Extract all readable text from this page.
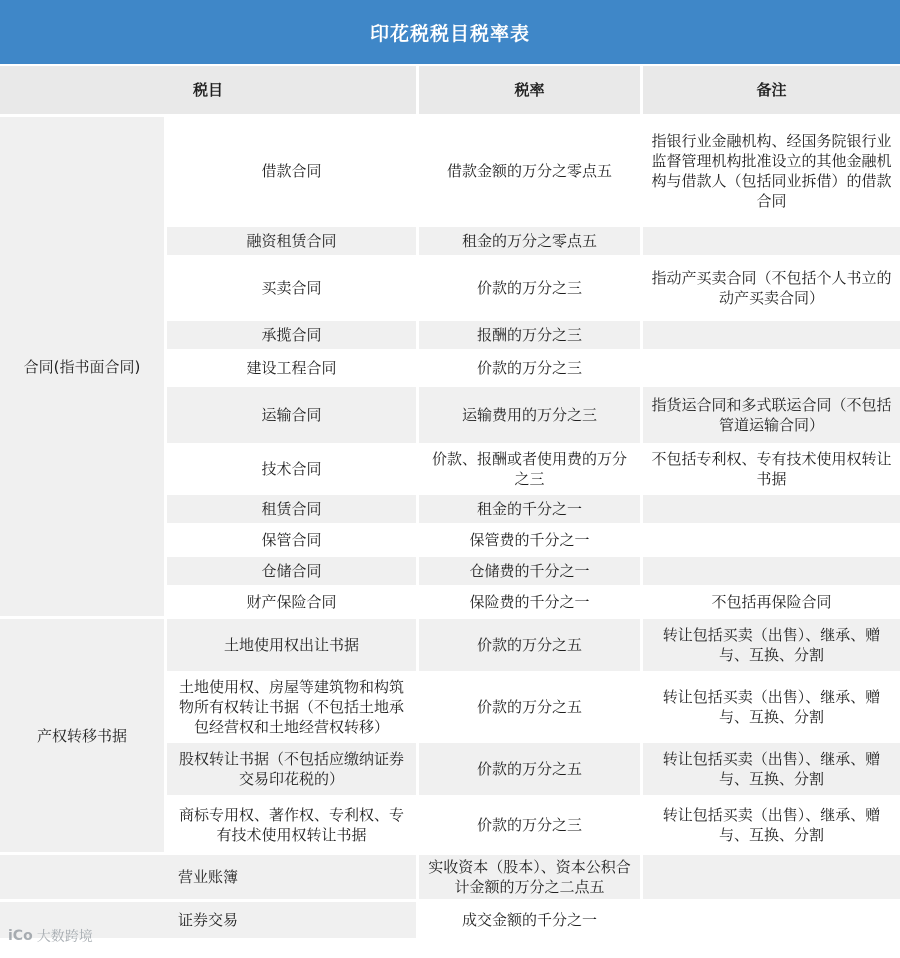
印花税税目税率表
税目		税率	备注
合同(指书面合同)	借款合同	借款金额的万分之零点五	指银行业金融机构、经国务院银行业监督管理机构批准设立的其他金融机构与借款人（包括同业拆借）的借款合同
	融资租赁合同	租金的万分之零点五	
	买卖合同	价款的万分之三	指动产买卖合同（不包括个人书立的动产买卖合同）
	承揽合同	报酬的万分之三	
	建设工程合同	价款的万分之三	
	运输合同	运输费用的万分之三	指货运合同和多式联运合同（不包括管道运输合同）
	技术合同	价款、报酬或者使用费的万分之三	不包括专利权、专有技术使用权转让书据
	租赁合同	租金的千分之一	
	保管合同	保管费的千分之一	
	仓储合同	仓储费的千分之一	
	财产保险合同	保险费的千分之一	不包括再保险合同
产权转移书据	土地使用权出让书据	价款的万分之五	转让包括买卖（出售）、继承、赠与、互换、分割
	土地使用权、房屋等建筑物和构筑物所有权转让书据（不包括土地承包经营权和土地经营权转移）	价款的万分之五	转让包括买卖（出售）、继承、赠与、互换、分割
	股权转让书据（不包括应缴纳证券交易印花税的）	价款的万分之五	转让包括买卖（出售）、继承、赠与、互换、分割
	商标专用权、著作权、专利权、专有技术使用权转让书据	价款的万分之三	转让包括买卖（出售）、继承、赠与、互换、分割
营业账簿		实收资本（股本）、资本公积合计金额的万分之二点五	
证券交易		成交金额的千分之一	
iCo 大数跨境
